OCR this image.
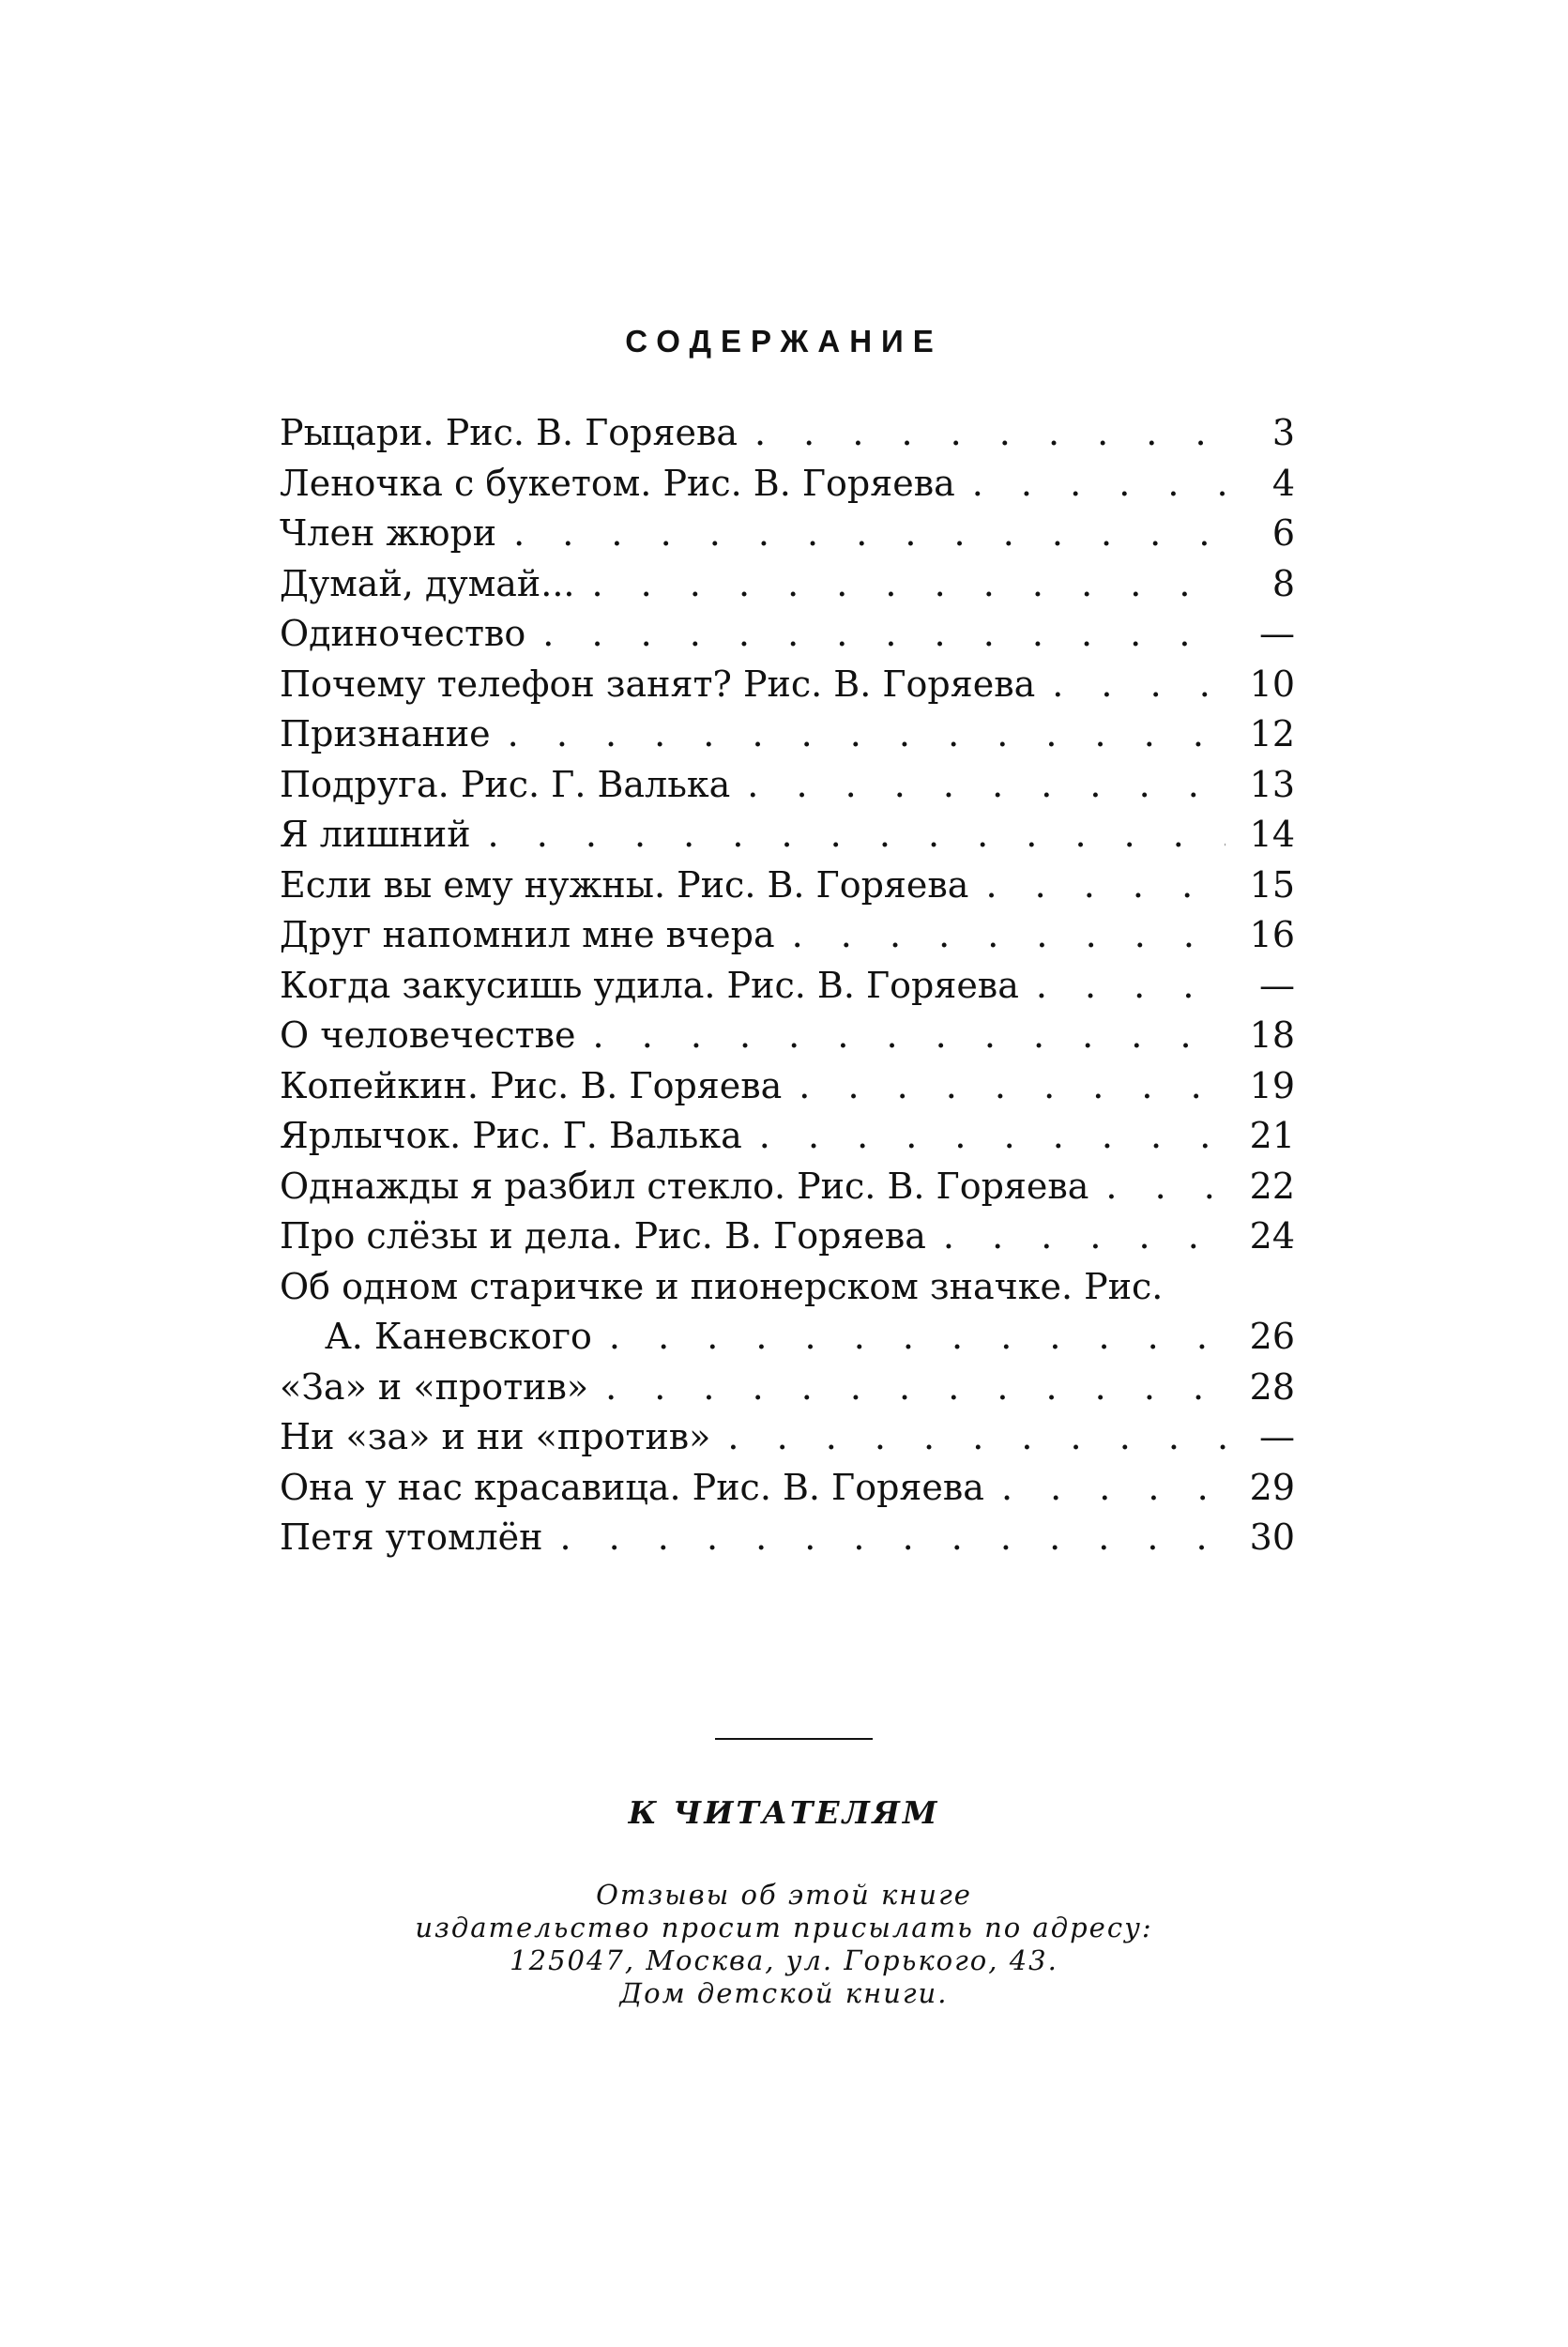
СОДЕРЖАНИЕ
Рыцари. Рис. В. Горяева . . .	3
Леночка с букетом. Рис. В. Горяева . . .	4
Член жюри . . .	6
Думай, думай... . . .	8
Одиночество . . .	—
Почему телефон занят? Рис. В. Горяева . . .	10
Признание . . .	12
Подруга. Рис. Г. Валька . . .	13
Я лишний . . .	14
Если вы ему нужны. Рис. В. Горяева . . .	15
Друг напомнил мне вчера . . .	16
Когда закусишь удила. Рис. В. Горяева . . .	—
О человечестве . . .	18
Копейкин. Рис. В. Горяева . . .	19
Ярлычок. Рис. Г. Валька . . .	21
Однажды я разбил стекло. Рис. В. Горяева . . .	22
Про слёзы и дела. Рис. В. Горяева . . .	24
Об одном старичке и пионерском значке. Рис.
А. Каневского . . .	26
«За» и «против» . . .	28
Ни «за» и ни «против» . . .	—
Она у нас красавица. Рис. В. Горяева . . .	29
Петя утомлён . . .	30
К ЧИТАТЕЛЯМ
Отзывы об этой книге
издательство просит присылать по адресу:
125047, Москва, ул. Горького, 43.
Дом детской книги.
